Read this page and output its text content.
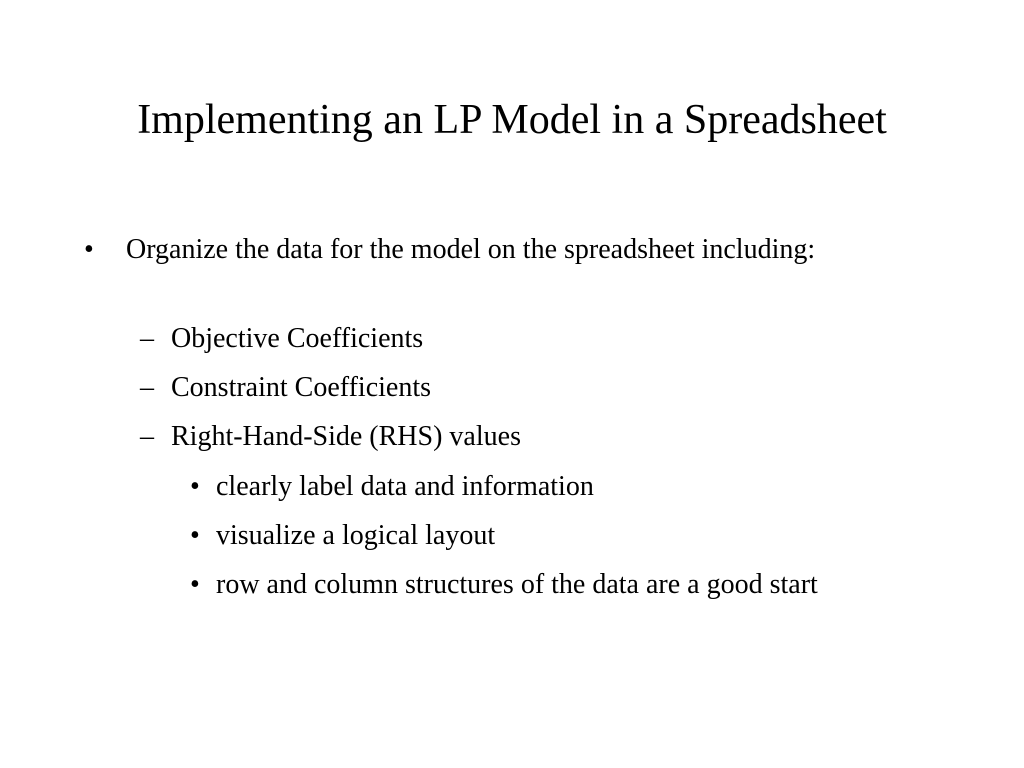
Implementing an LP Model in a Spreadsheet
•	Organize the data for the model on the spreadsheet including:
– Objective Coefficients
– Constraint Coefficients
– Right-Hand-Side (RHS) values
• clearly label data and information
• visualize a logical layout
• row and column structures of the data are a good start
